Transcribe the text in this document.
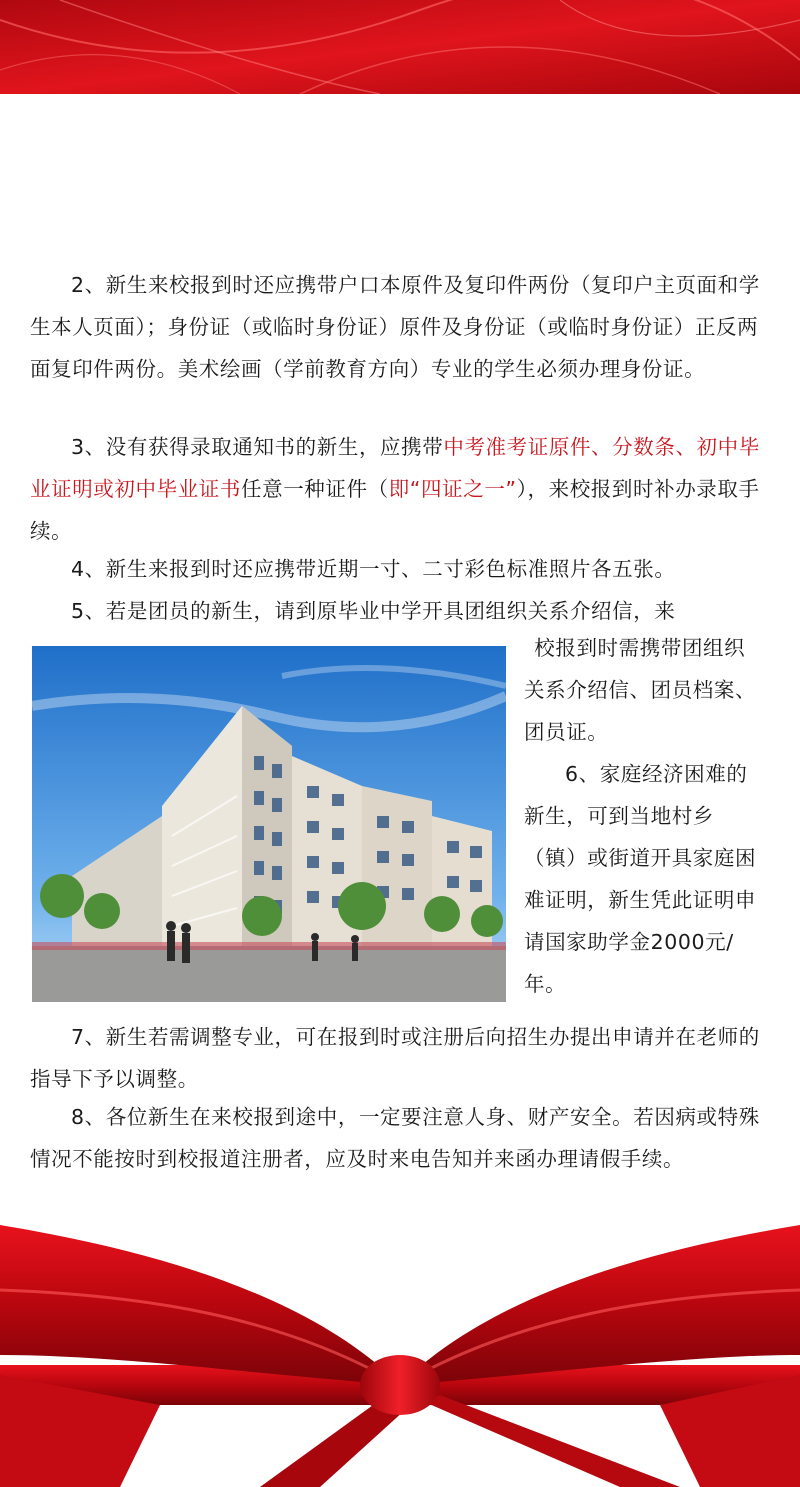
2、新生来校报到时还应携带户口本原件及复印件两份（复印户主页面和学生本人页面）；身份证（或临时身份证）原件及身份证（或临时身份证）正反两面复印件两份。美术绘画（学前教育方向）专业的学生必须办理身份证。

3、没有获得录取通知书的新生，应携带中考准考证原件、分数条、初中毕业证明或初中毕业证书任意一种证件（即“四证之一”），来校报到时补办录取手续。

4、新生来报到时还应携带近期一寸、二寸彩色标准照片各五张。

5、若是团员的新生，请到原毕业中学开具团组织关系介绍信，来

校报到时需携带团组织关系介绍信、团员档案、团员证。

6、家庭经济困难的新生，可到当地村乡（镇）或街道开具家庭困难证明，新生凭此证明申请国家助学金2000元/年。

7、新生若需调整专业，可在报到时或注册后向招生办提出申请并在老师的指导下予以调整。

8、各位新生在来校报到途中，一定要注意人身、财产安全。若因病或特殊情况不能按时到校报道注册者，应及时来电告知并来函办理请假手续。
